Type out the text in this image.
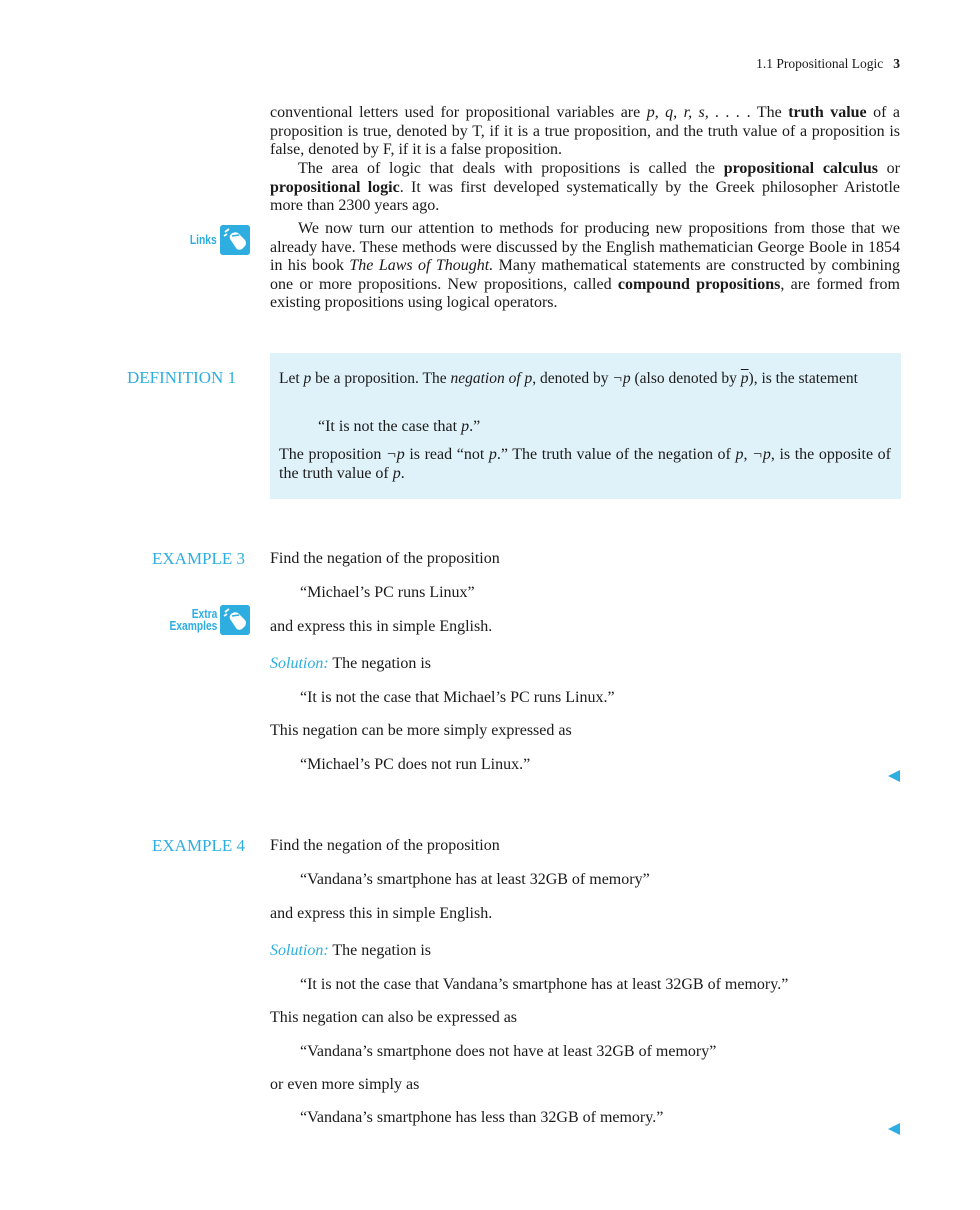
1.1 Propositional Logic 3

conventional letters used for propositional variables are p, q, r, s, . . . . The truth value of a proposition is true, denoted by T, if it is a true proposition, and the truth value of a proposition is false, denoted by F, if it is a false proposition.

The area of logic that deals with propositions is called the propositional calculus or propositional logic. It was first developed systematically by the Greek philosopher Aristotle more than 2300 years ago.

We now turn our attention to methods for producing new propositions from those that we already have. These methods were discussed by the English mathematician George Boole in 1854 in his book The Laws of Thought. Many mathematical statements are constructed by combining one or more propositions. New propositions, called compound propositions, are formed from existing propositions using logical operators.

Links
DEFINITION 1	Let p be a proposition. The negation of p, denoted by ¬p (also denoted by $\overline{p}$), is the statement
“It is not the case that p.”

The proposition ¬p is read “not p.” The truth value of the negation of p, ¬p, is the opposite of the truth value of p.

EXAMPLE 3 Find the negation of the proposition
“Michael’s PC runs Linux”
Extra
Examples	and express this in simple English.
Solution: The negation is
“It is not the case that Michael’s PC runs Linux.”
This negation can be more simply expressed as
“Michael’s PC does not run Linux.”
EXAMPLE 4 Find the negation of the proposition
“Vandana’s smartphone has at least 32GB of memory”
and express this in simple English.
Solution: The negation is
“It is not the case that Vandana’s smartphone has at least 32GB of memory.”
This negation can also be expressed as
“Vandana’s smartphone does not have at least 32GB of memory”
or even more simply as
“Vandana’s smartphone has less than 32GB of memory.”
